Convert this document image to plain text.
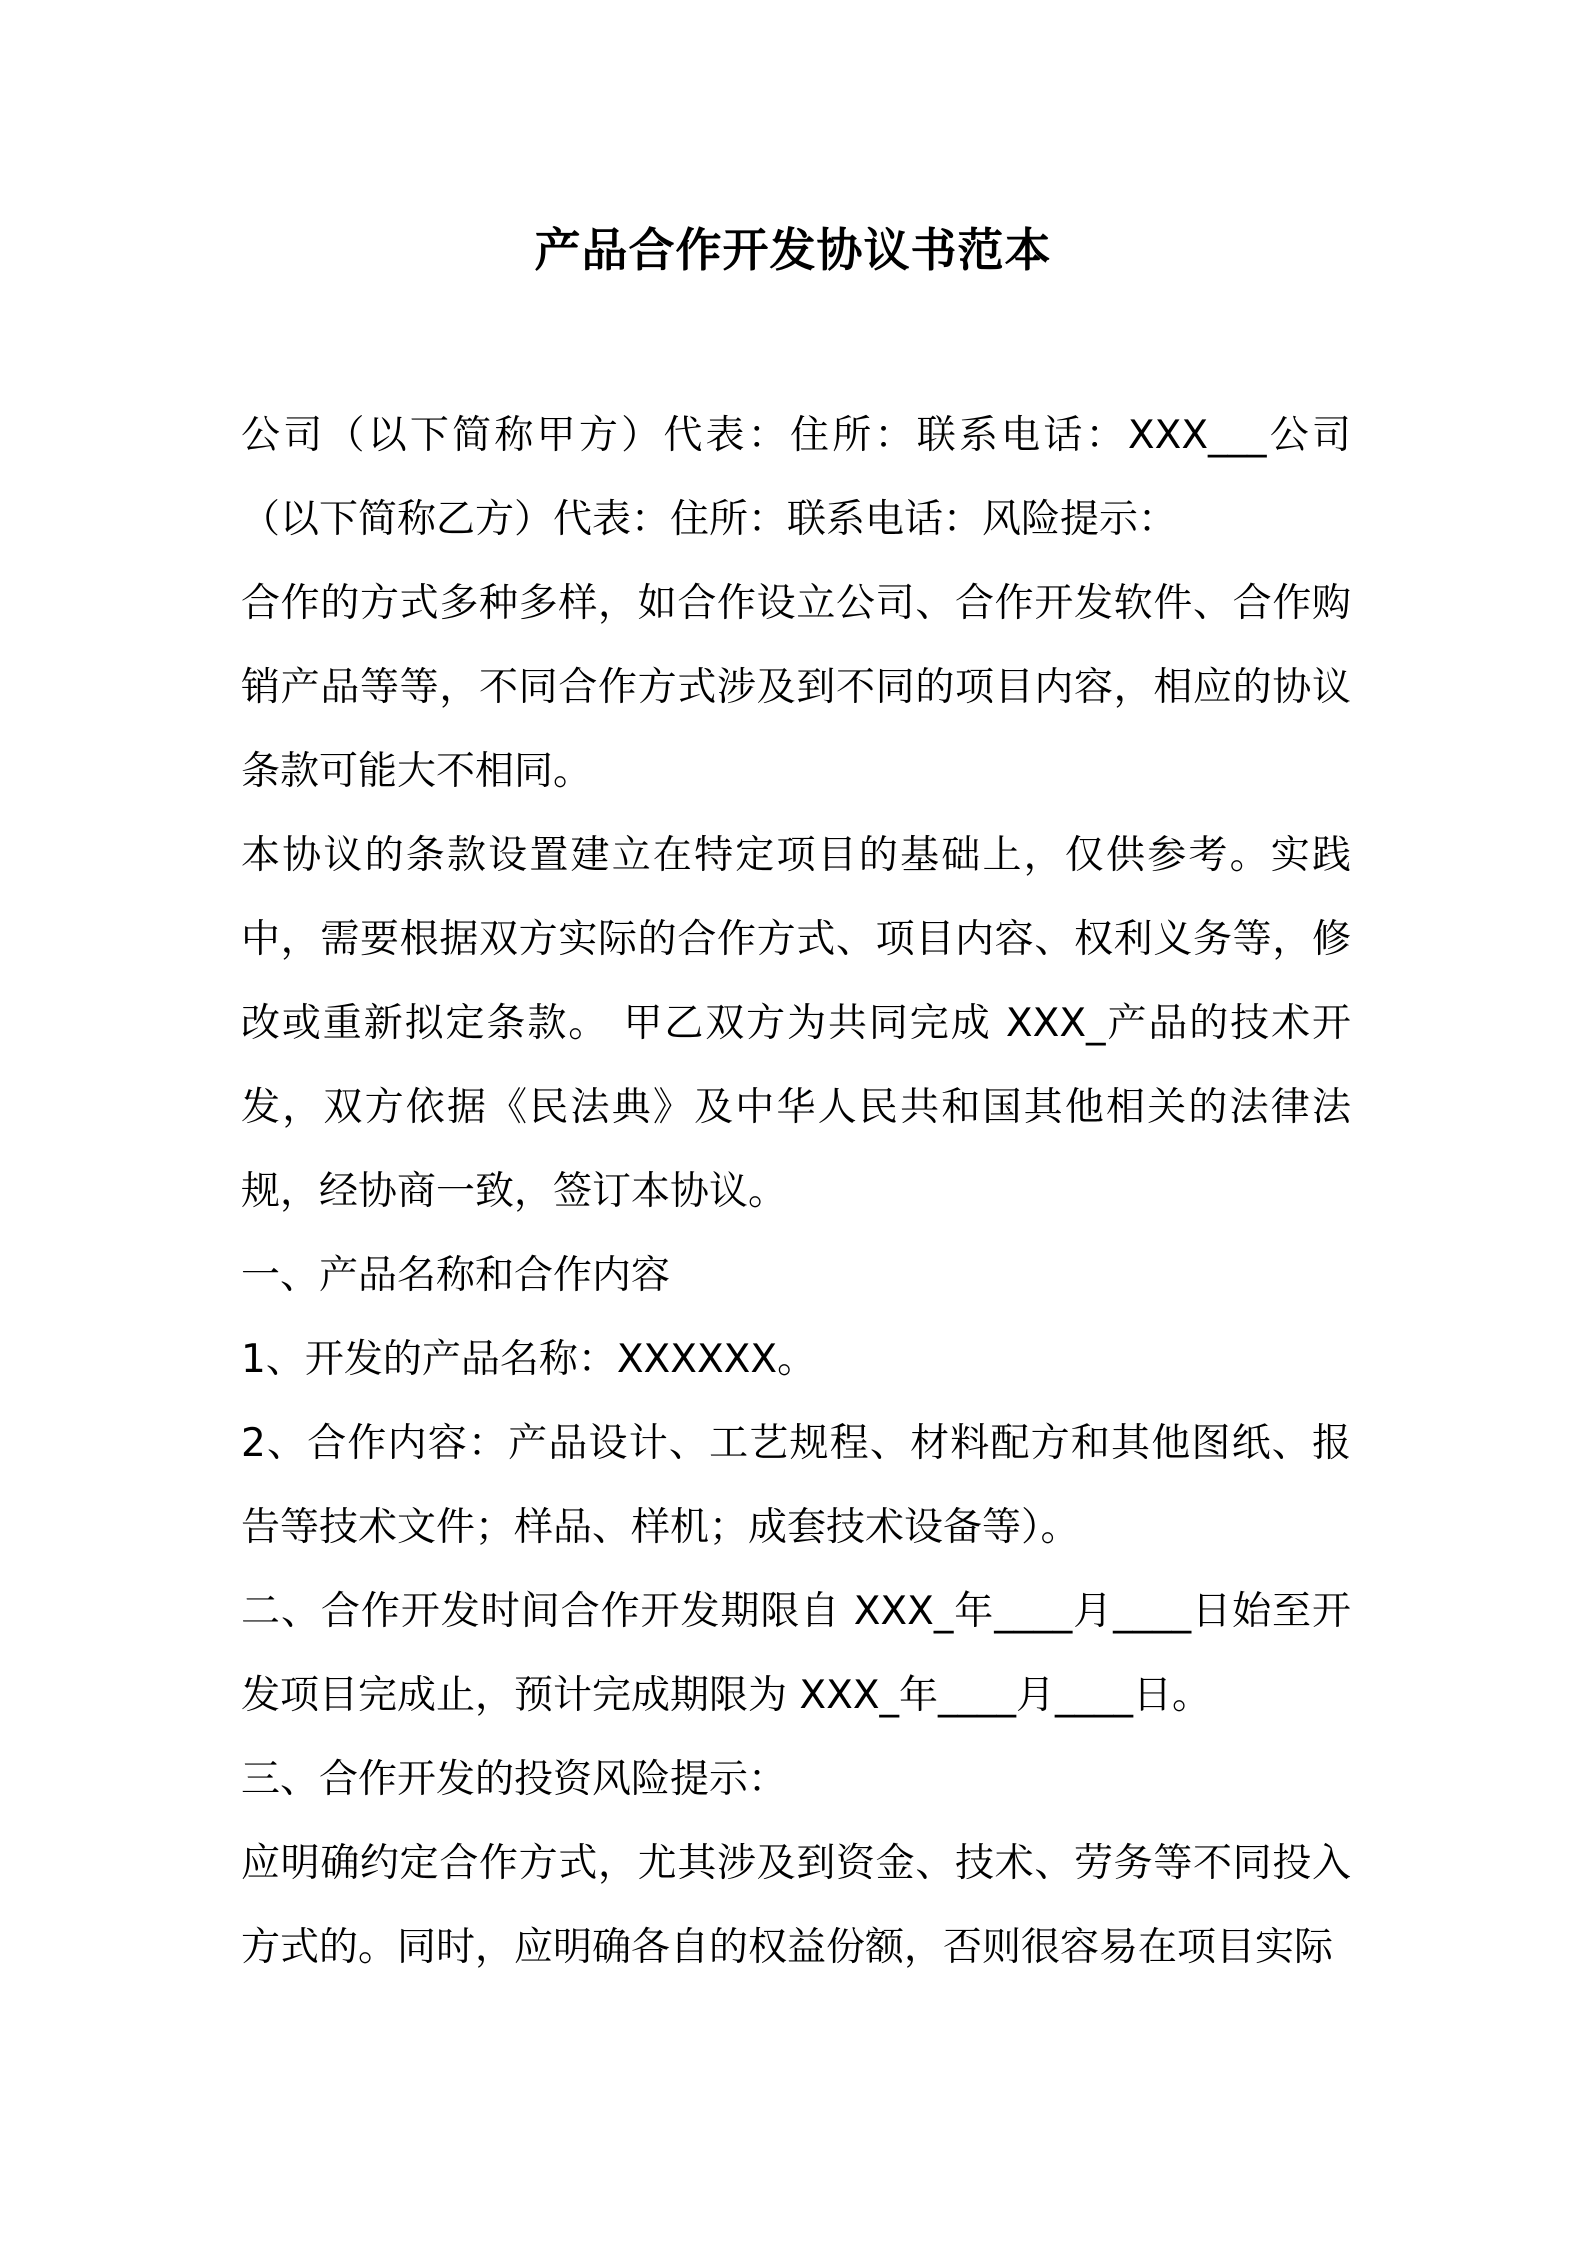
产品合作开发协议书范本

公司（以下简称甲方）代表：住所：联系电话：XXX___公司（以下简称乙方）代表：住所：联系电话：风险提示：

合作的方式多种多样，如合作设立公司、合作开发软件、合作购销产品等等，不同合作方式涉及到不同的项目内容，相应的协议条款可能大不相同。

本协议的条款设置建立在特定项目的基础上，仅供参考。实践中，需要根据双方实际的合作方式、项目内容、权利义务等，修改或重新拟定条款。 甲乙双方为共同完成 XXX_产品的技术开发，双方依据《民法典》及中华人民共和国其他相关的法律法规，经协商一致，签订本协议。

一、产品名称和合作内容

1、开发的产品名称：XXXXXX。

2、合作内容：产品设计、工艺规程、材料配方和其他图纸、报告等技术文件；样品、样机；成套技术设备等）。

二、合作开发时间合作开发期限自 XXX_年____月____日始至开发项目完成止，预计完成期限为 XXX_年____月____日。

三、合作开发的投资风险提示：

应明确约定合作方式，尤其涉及到资金、技术、劳务等不同投入方式的。同时，应明确各自的权益份额，否则很容易在项目实际
